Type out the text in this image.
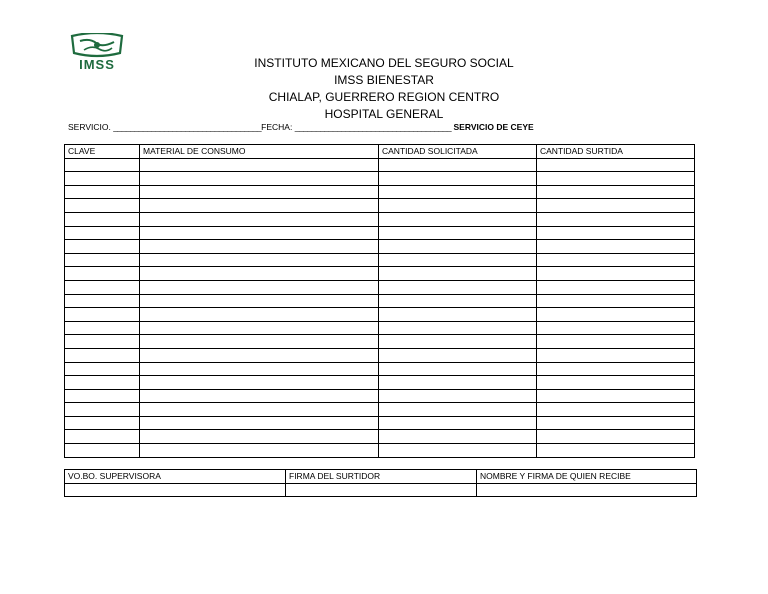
IMSS	INSTITUTO MEXICANO DEL SEGURO SOCIAL
IMSS BIENESTAR
CHIALAP, GUERRERO REGION CENTRO
HOSPITAL GENERAL
SERVICIO. ___________________________________FECHA: _____________________________________ SERVICIO DE CEYE
CLAVE	MATERIAL DE CONSUMO	CANTIDAD SOLICITADA	CANTIDAD SURTIDA

VO.BO. SUPERVISORA	FIRMA DEL SURTIDOR	NOMBRE Y FIRMA DE QUIEN RECIBE
